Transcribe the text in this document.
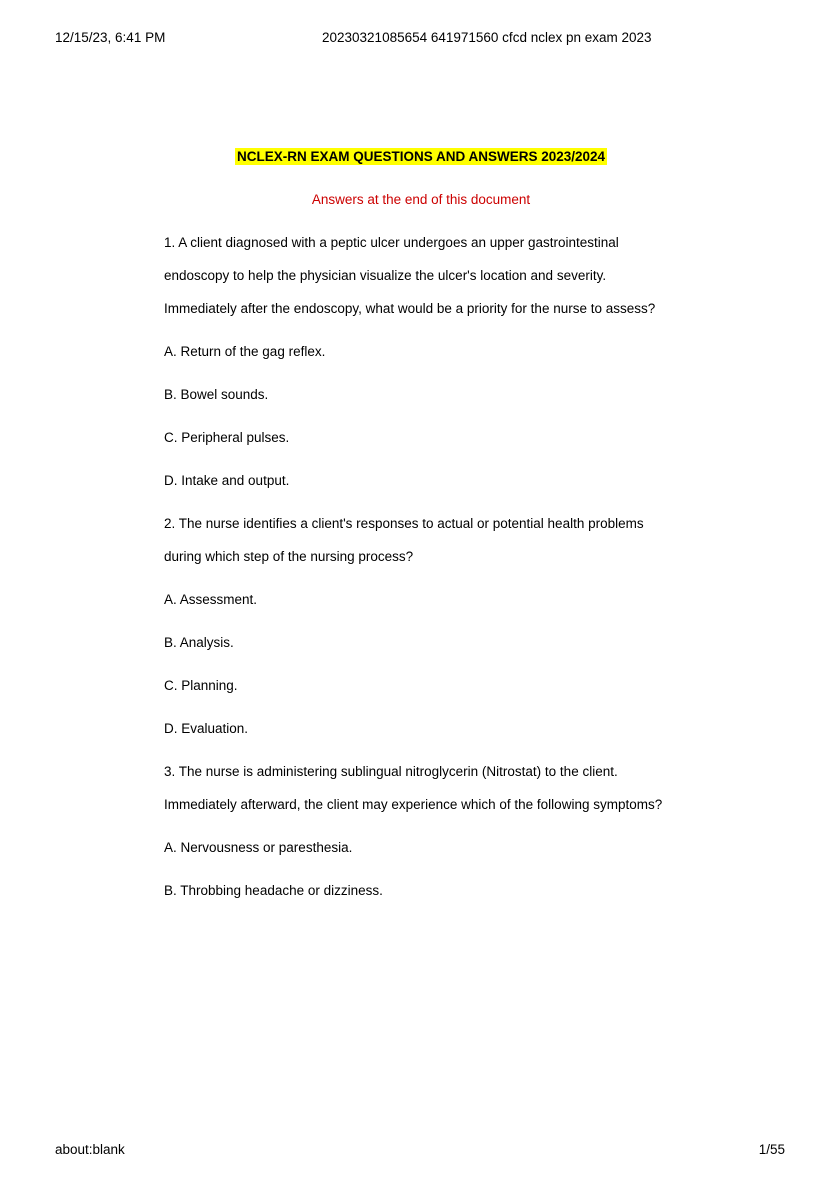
12/15/23, 6:41 PM	20230321085654 641971560 cfcd nclex pn exam 2023
NCLEX-RN EXAM QUESTIONS AND ANSWERS 2023/2024
Answers at the end of this document

1. A client diagnosed with a peptic ulcer undergoes an upper gastrointestinal endoscopy to help the physician visualize the ulcer's location and severity. Immediately after the endoscopy, what would be a priority for the nurse to assess?

A. Return of the gag reflex.

B. Bowel sounds.

C. Peripheral pulses.

D. Intake and output.

2. The nurse identifies a client's responses to actual or potential health problems during which step of the nursing process?

A. Assessment.

B. Analysis.

C. Planning.

D. Evaluation.

3. The nurse is administering sublingual nitroglycerin (Nitrostat) to the client. Immediately afterward, the client may experience which of the following symptoms?

A. Nervousness or paresthesia.

B. Throbbing headache or dizziness.

about:blank	1/55
